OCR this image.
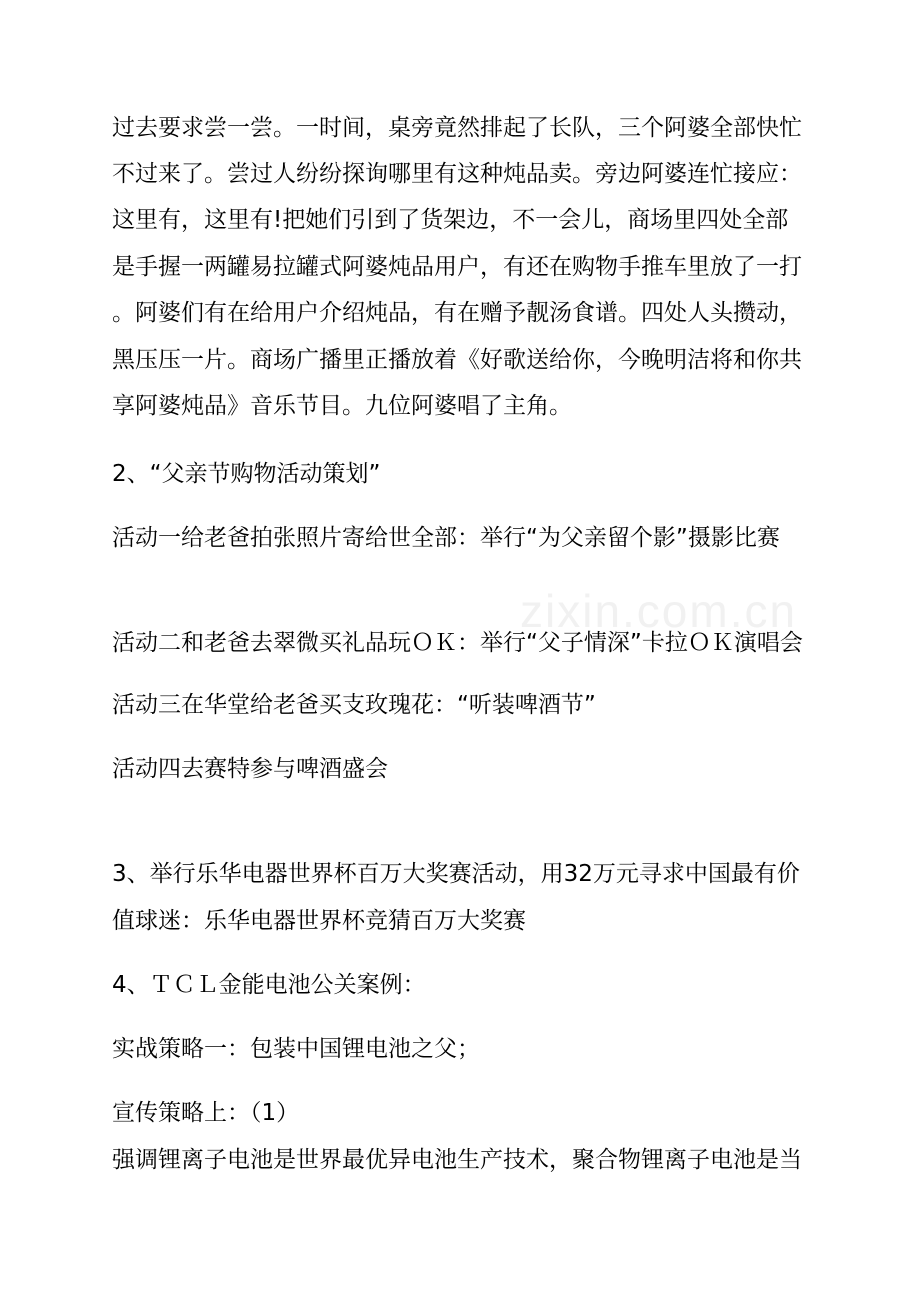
zixin.com.cn
过去要求尝一尝。一时间，桌旁竟然排起了长队，三个阿婆全部快忙
不过来了。尝过人纷纷探询哪里有这种炖品卖。旁边阿婆连忙接应：
这里有，这里有!把她们引到了货架边，不一会儿，商场里四处全部
是手握一两罐易拉罐式阿婆炖品用户，有还在购物手推车里放了一打
。阿婆们有在给用户介绍炖品，有在赠予靓汤食谱。四处人头攒动，
黑压压一片。商场广播里正播放着《好歌送给你，今晚明洁将和你共
享阿婆炖品》音乐节目。九位阿婆唱了主角。
2、“父亲节购物活动策划”
活动一给老爸拍张照片寄给世全部：举行“为父亲留个影”摄影比赛
活动二和老爸去翠微买礼品玩ＯＫ：举行“父子情深”卡拉ＯＫ演唱会
活动三在华堂给老爸买支玫瑰花：“听装啤酒节”
活动四去赛特参与啤酒盛会
3、举行乐华电器世界杯百万大奖赛活动，用32万元寻求中国最有价
值球迷：乐华电器世界杯竞猜百万大奖赛
4、ＴＣＬ金能电池公关案例：
实战策略一：包装中国锂电池之父；
宣传策略上：（1）
强调锂离子电池是世界最优异电池生产技术，聚合物锂离子电池是当
